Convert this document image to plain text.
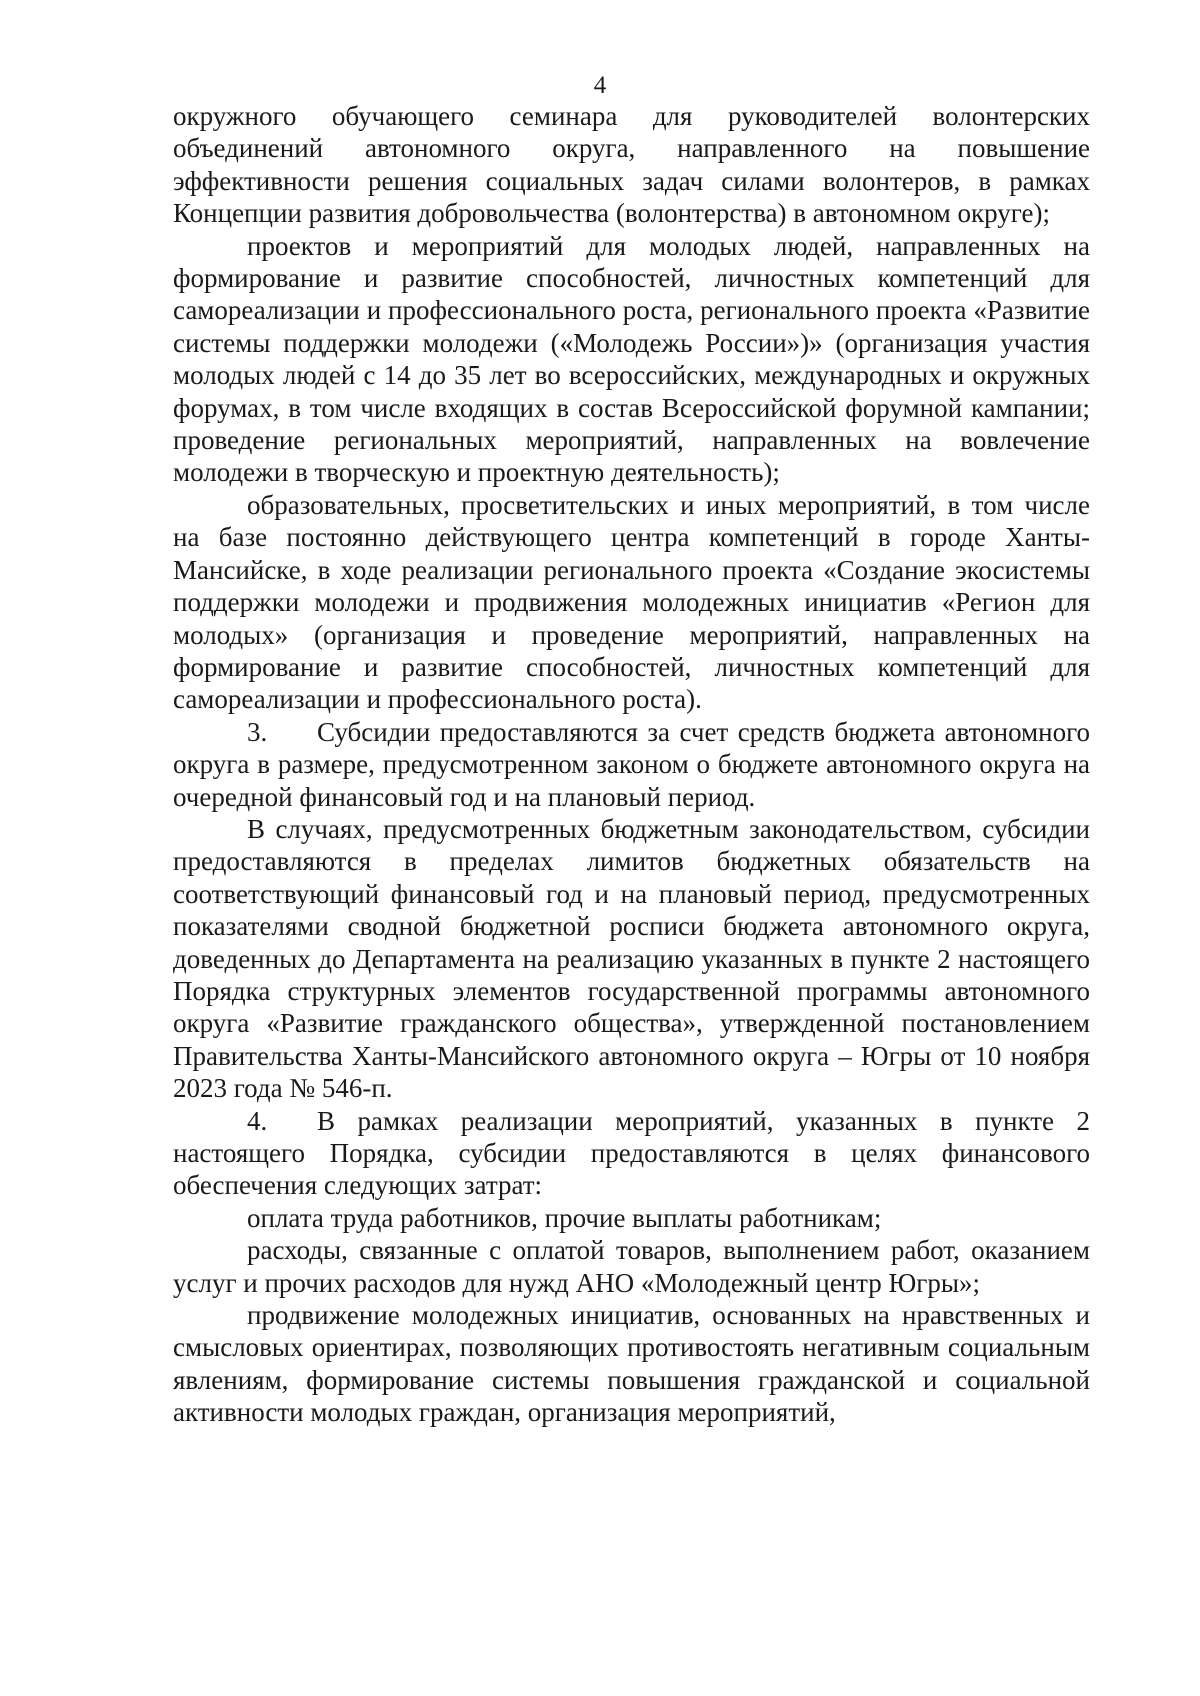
4

окружного обучающего семинара для руководителей волонтерских объединений автономного округа, направленного на повышение эффективности решения социальных задач силами волонтеров, в рамках Концепции развития добровольчества (волонтерства) в автономном округе);

проектов и мероприятий для молодых людей, направленных на формирование и развитие способностей, личностных компетенций для самореализации и профессионального роста, регионального проекта «Развитие системы поддержки молодежи («Молодежь России»)» (организация участия молодых людей с 14 до 35 лет во всероссийских, международных и окружных форумах, в том числе входящих в состав Всероссийской форумной кампании; проведение региональных мероприятий, направленных на вовлечение молодежи в творческую и проектную деятельность);

образовательных, просветительских и иных мероприятий, в том числе на базе постоянно действующего центра компетенций в городе Ханты-Мансийске, в ходе реализации регионального проекта «Создание экосистемы поддержки молодежи и продвижения молодежных инициатив «Регион для молодых» (организация и проведение мероприятий, направленных на формирование и развитие способностей, личностных компетенций для самореализации и профессионального роста).

3. Субсидии предоставляются за счет средств бюджета автономного округа в размере, предусмотренном законом о бюджете автономного округа на очередной финансовый год и на плановый период.

В случаях, предусмотренных бюджетным законодательством, субсидии предоставляются в пределах лимитов бюджетных обязательств на соответствующий финансовый год и на плановый период, предусмотренных показателями сводной бюджетной росписи бюджета автономного округа, доведенных до Департамента на реализацию указанных в пункте 2 настоящего Порядка структурных элементов государственной программы автономного округа «Развитие гражданского общества», утвержденной постановлением Правительства Ханты-Мансийского автономного округа – Югры от 10 ноября 2023 года № 546-п.

4. В рамках реализации мероприятий, указанных в пункте 2 настоящего Порядка, субсидии предоставляются в целях финансового обеспечения следующих затрат:

оплата труда работников, прочие выплаты работникам;

расходы, связанные с оплатой товаров, выполнением работ, оказанием услуг и прочих расходов для нужд АНО «Молодежный центр Югры»;

продвижение молодежных инициатив, основанных на нравственных и смысловых ориентирах, позволяющих противостоять негативным социальным явлениям, формирование системы повышения гражданской и социальной активности молодых граждан, организация мероприятий,
